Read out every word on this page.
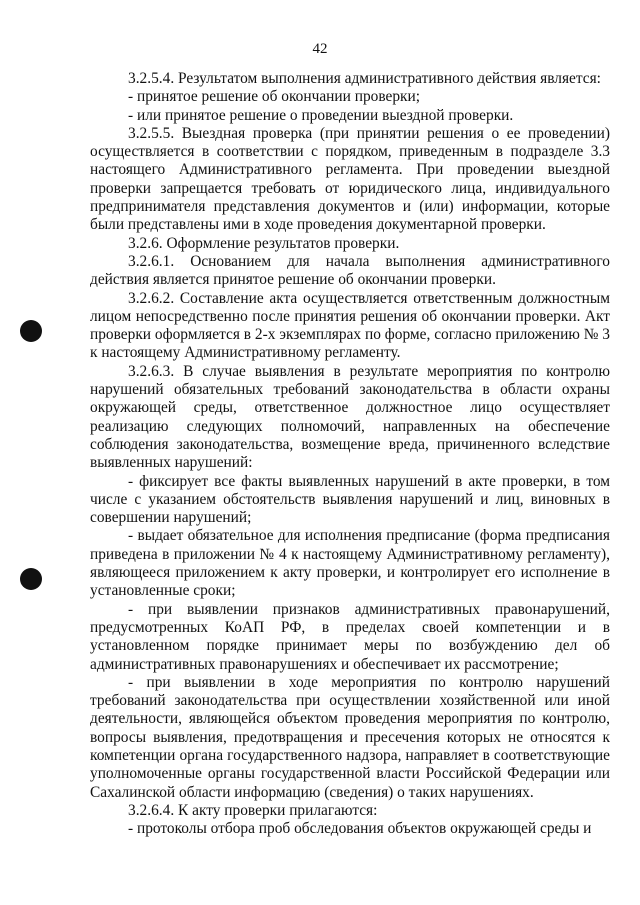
42

3.2.5.4. Результатом выполнения административного действия является:

- принятое решение об окончании проверки;

- или принятое решение о проведении выездной проверки.

3.2.5.5. Выездная проверка (при принятии решения о ее проведении) осуществляется в соответствии с порядком, приведенным в подразделе 3.3 настоящего Административного регламента. При проведении выездной проверки запрещается требовать от юридического лица, индивидуального предпринимателя представления документов и (или) информации, которые были представлены ими в ходе проведения документарной проверки.

3.2.6. Оформление результатов проверки.

3.2.6.1. Основанием для начала выполнения административного действия является принятое решение об окончании проверки.

3.2.6.2. Составление акта осуществляется ответственным должностным лицом непосредственно после принятия решения об окончании проверки. Акт проверки оформляется в 2-х экземплярах по форме, согласно приложению № 3 к настоящему Административному регламенту.

3.2.6.3. В случае выявления в результате мероприятия по контролю нарушений обязательных требований законодательства в области охраны окружающей среды, ответственное должностное лицо осуществляет реализацию следующих полномочий, направленных на обеспечение соблюдения законодательства, возмещение вреда, причиненного вследствие выявленных нарушений:

- фиксирует все факты выявленных нарушений в акте проверки, в том числе с указанием обстоятельств выявления нарушений и лиц, виновных в совершении нарушений;

- выдает обязательное для исполнения предписание (форма предписания приведена в приложении № 4 к настоящему Административному регламенту), являющееся приложением к акту проверки, и контролирует его исполнение в установленные сроки;

- при выявлении признаков административных правонарушений, предусмотренных КоАП РФ, в пределах своей компетенции и в установленном порядке принимает меры по возбуждению дел об административных правонарушениях и обеспечивает их рассмотрение;

- при выявлении в ходе мероприятия по контролю нарушений требований законодательства при осуществлении хозяйственной или иной деятельности, являющейся объектом проведения мероприятия по контролю, вопросы выявления, предотвращения и пресечения которых не относятся к компетенции органа государственного надзора, направляет в соответствующие уполномоченные органы государственной власти Российской Федерации или Сахалинской области информацию (сведения) о таких нарушениях.

3.2.6.4. К акту проверки прилагаются:

- протоколы отбора проб обследования объектов окружающей среды и
